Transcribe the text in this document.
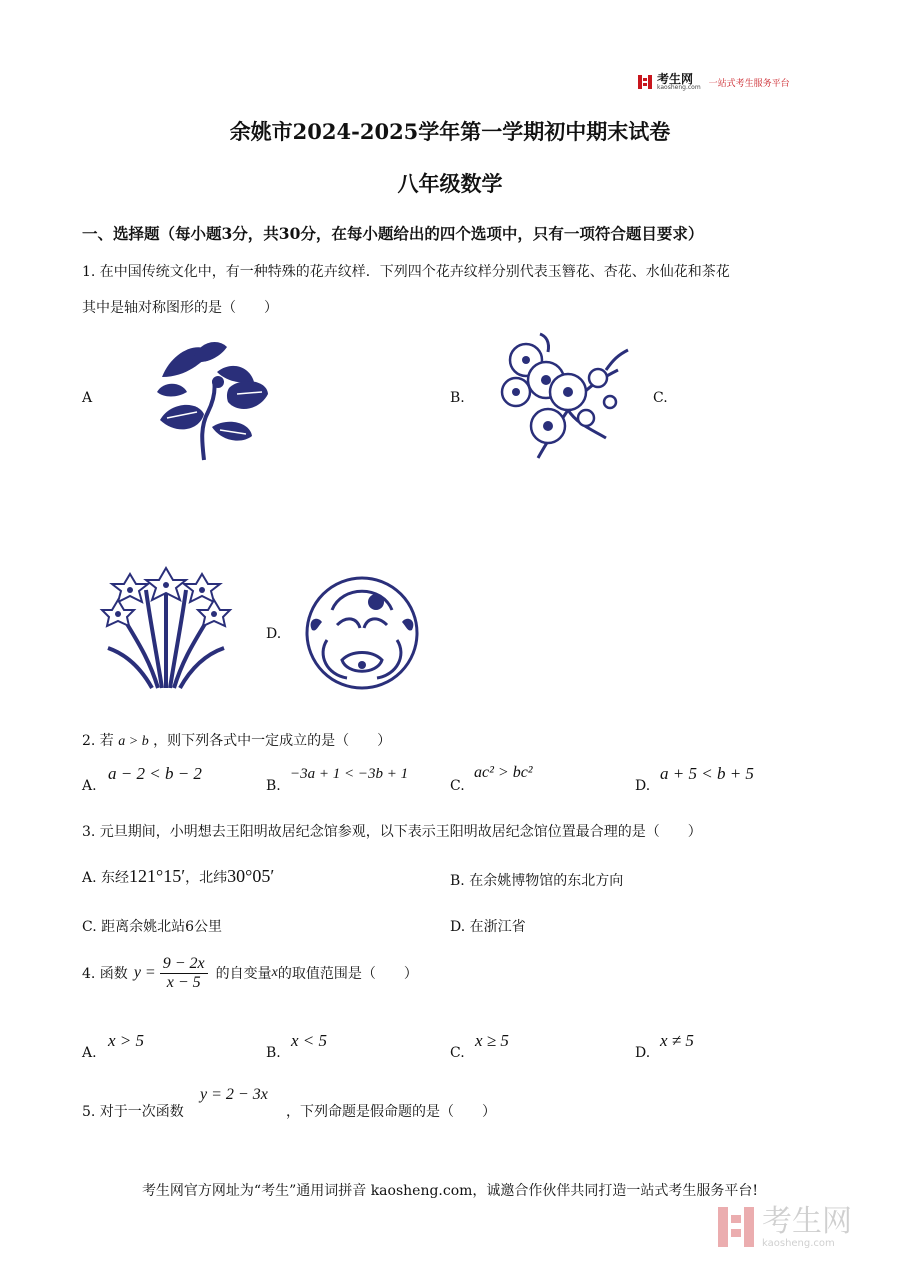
考生网
kaosheng.com 一站式考生服务平台
余姚市2024-2025学年第一学期初中期末试卷
八年级数学
一、选择题（每小题3分，共30分，在每小题给出的四个选项中，只有一项符合题目要求）
1. 在中国传统文化中，有一种特殊的花卉纹样．下列四个花卉纹样分别代表玉簪花、杏花、水仙花和茶花
其中是轴对称图形的是（　　）
A	B.	C.
D.
2. 若 a > b ，则下列各式中一定成立的是（　　）
A.
a − 2 < b − 2
B.
−3a + 1 < −3b + 1
C.
ac² > bc²
D.
a + 5 < b + 5
3. 元旦期间，小明想去王阳明故居纪念馆参观，以下表示王阳明故居纪念馆位置最合理的是（　　）
A. 东经121°15′，北纬30°05′	B. 在余姚博物馆的东北方向
C. 距离余姚北站6公里	D. 在浙江省
4. 函数 $y = \frac{9 - 2x}{x - 5}$ 的自变量 x 的取值范围是（　　）
A.
x > 5
B.
x < 5
C.
x ≥ 5
D.
x ≠ 5
5. 对于一次函数
y = 2 − 3x
，下列命题是假命题的是（　　）
考生网官方网址为“考生”通用词拼音 kaosheng.com，诚邀合作伙伴共同打造一站式考生服务平台!
考生网
kaosheng.com
